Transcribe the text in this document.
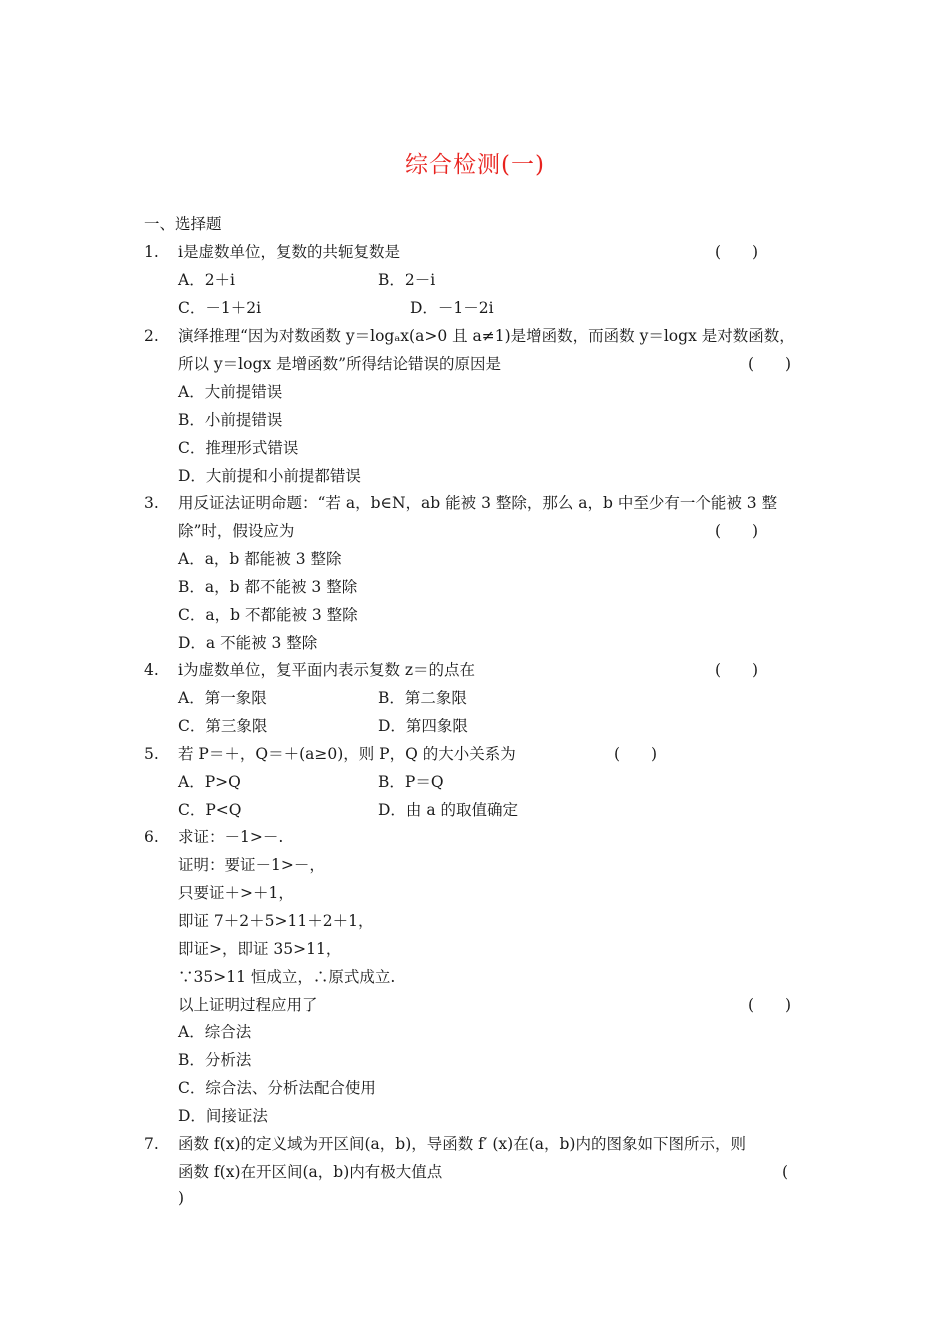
综合检测(一)
一、选择题
1. i是虚数单位，复数的共轭复数是	(　　)
A．2＋i	B．2－i
C．－1＋2i	D．－1－2i
2. 演绎推理“因为对数函数 y＝logₐx(a>0 且 a≠1)是增函数，而函数 y＝logx 是对数函数，
所以 y＝logx 是增函数”所得结论错误的原因是	(　　)
A．大前提错误
B．小前提错误
C．推理形式错误
D．大前提和小前提都错误
3. 用反证法证明命题：“若 a，b∈N，ab 能被 3 整除，那么 a，b 中至少有一个能被 3 整
除”时，假设应为	(　　)
A．a，b 都能被 3 整除
B．a，b 都不能被 3 整除
C．a，b 不都能被 3 整除
D．a 不能被 3 整除
4. i为虚数单位，复平面内表示复数 z＝的点在	(　　)
A．第一象限	B．第二象限
C．第三象限	D．第四象限
5. 若 P＝＋，Q＝＋(a≥0)，则 P，Q 的大小关系为	(　　)
A．P>Q	B．P＝Q
C．P<Q	D．由 a 的取值确定
6. 求证：－1>－.
证明：要证－1>－，
只要证＋>＋1，
即证 7＋2＋5>11＋2＋1，
即证>，即证 35>11，
∵35>11 恒成立，∴原式成立.
以上证明过程应用了	(　　)
A．综合法
B．分析法
C．综合法、分析法配合使用
D．间接证法
7. 函数 f(x)的定义域为开区间(a，b)，导函数 f′ (x)在(a，b)内的图象如下图所示，则
函数 f(x)在开区间(a，b)内有极大值点	(
)
